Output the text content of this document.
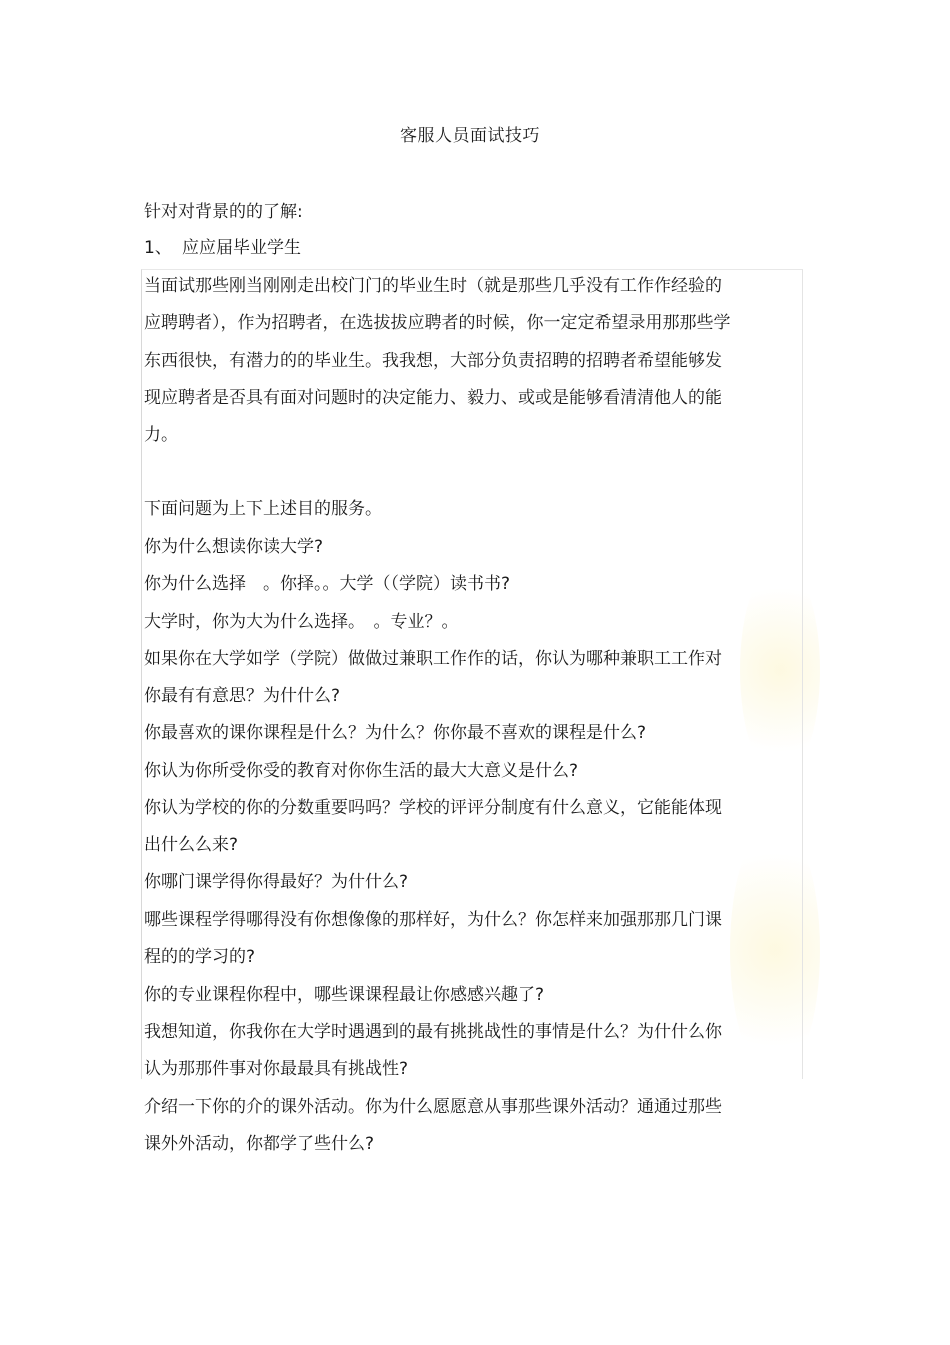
客服人员面试技巧
针对对背景的的了解:
1、 应应届毕业学生
当面试那些刚当刚刚走出校门门的毕业生时（就是那些几乎没有工作作经验的
应聘聘者），作为招聘者，在选拔拔应聘者的时候，你一定定希望录用那那些学
东西很快，有潜力的的毕业生。我我想，大部分负责招聘的招聘者希望能够发
现应聘者是否具有面对问题时的决定能力、毅力、或或是能够看清清他人的能
力。
下面问题为上下上述目的服务。
你为什么想读你读大学?
你为什么选择　。你择。。大学（（学院）读书书?
大学时，你为大为什么选择。　。专业？。
如果你在大学如学（学院）做做过兼职工作作的话，你认为哪种兼职工工作对
你最有有意思？为什什么?
你最喜欢的课你课程是什么？为什么？你你最不喜欢的课程是什么?
你认为你所受你受的教育对你你生活的最大大意义是什么?
你认为学校的你的分数重要吗吗？学校的评评分制度有什么意义，它能能体现
出什么么来?
你哪门课学得你得最好？为什什么?
哪些课程学得哪得没有你想像像的那样好，为什么？你怎样来加强那那几门课
程的的学习的?
你的专业课程你程中，哪些课课程最让你感感兴趣了?
我想知道，你我你在大学时遇遇到的最有挑挑战性的事情是什么？为什什么你
认为那那件事对你最最具有挑战性?
介绍一下你的介的课外活动。你为什么愿愿意从事那些课外活动？通通过那些
课外外活动，你都学了些什么?
